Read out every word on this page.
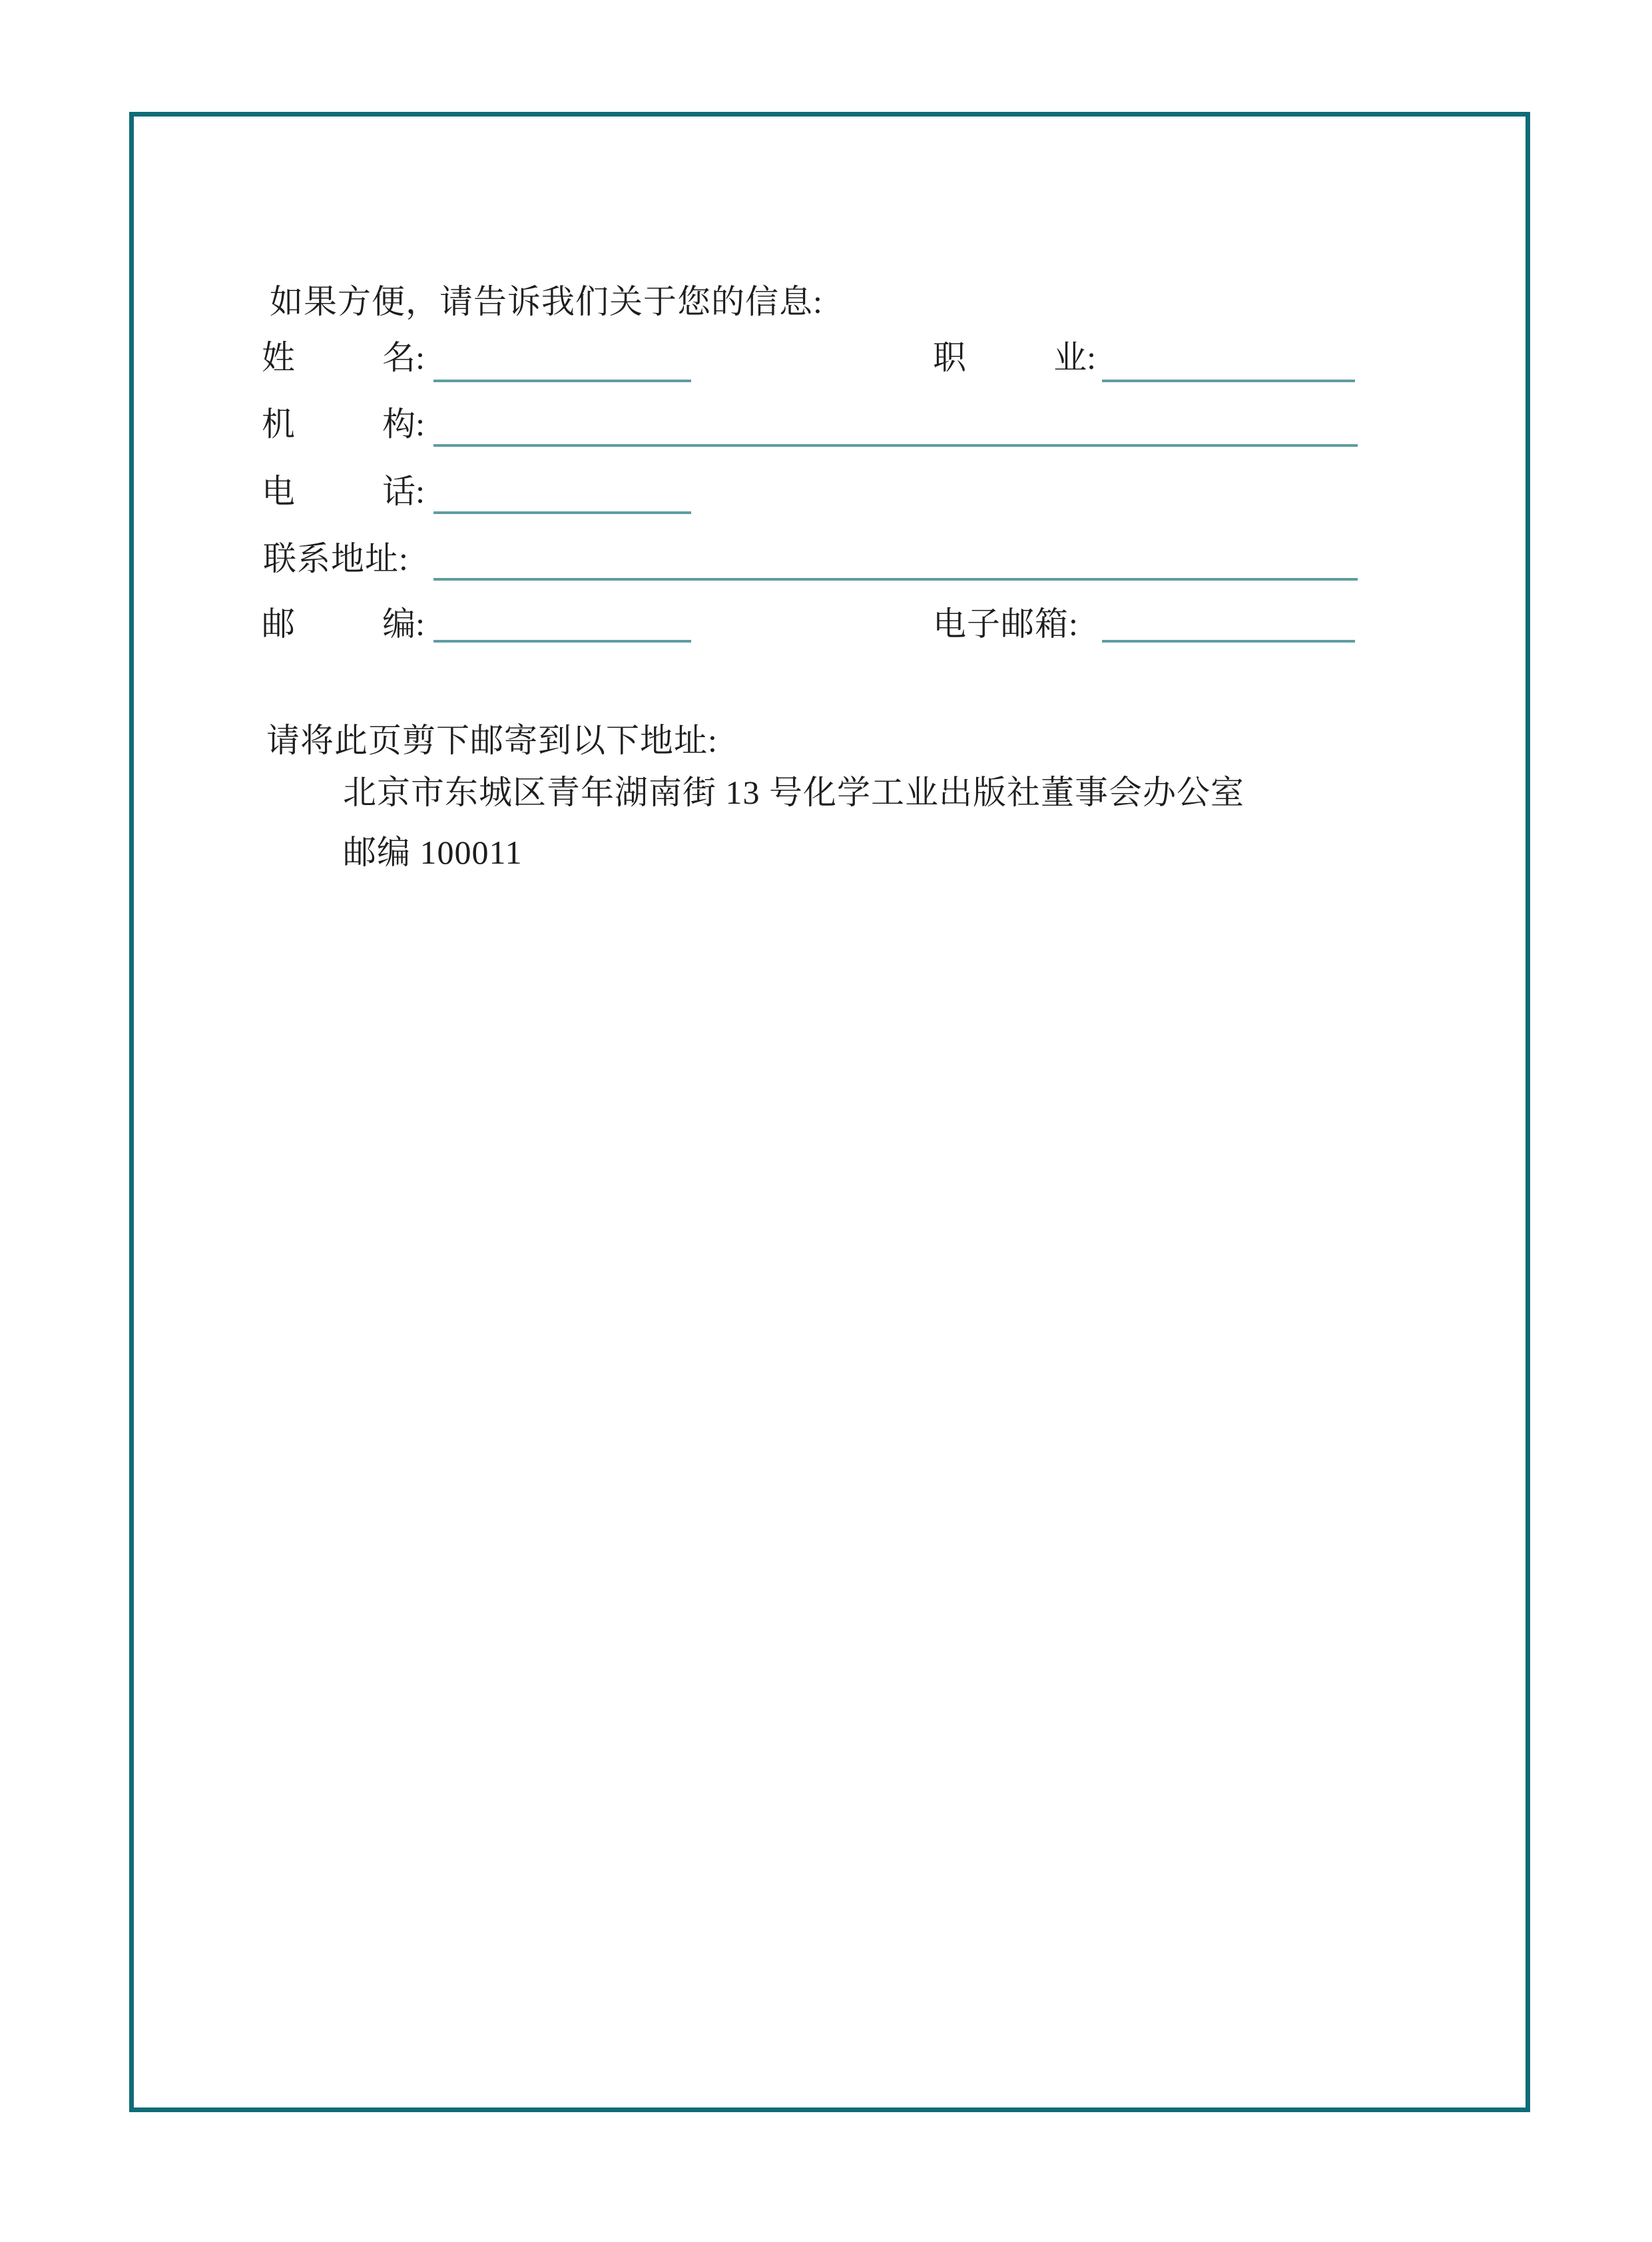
如果方便，请告诉我们关于您的信息:
姓	名:	职	业:
机	构:
电	话:
联系地址:
邮	编:	电子邮箱:
请将此页剪下邮寄到以下地址:
北京市东城区青年湖南街 13 号化学工业出版社董事会办公室
邮编 100011
